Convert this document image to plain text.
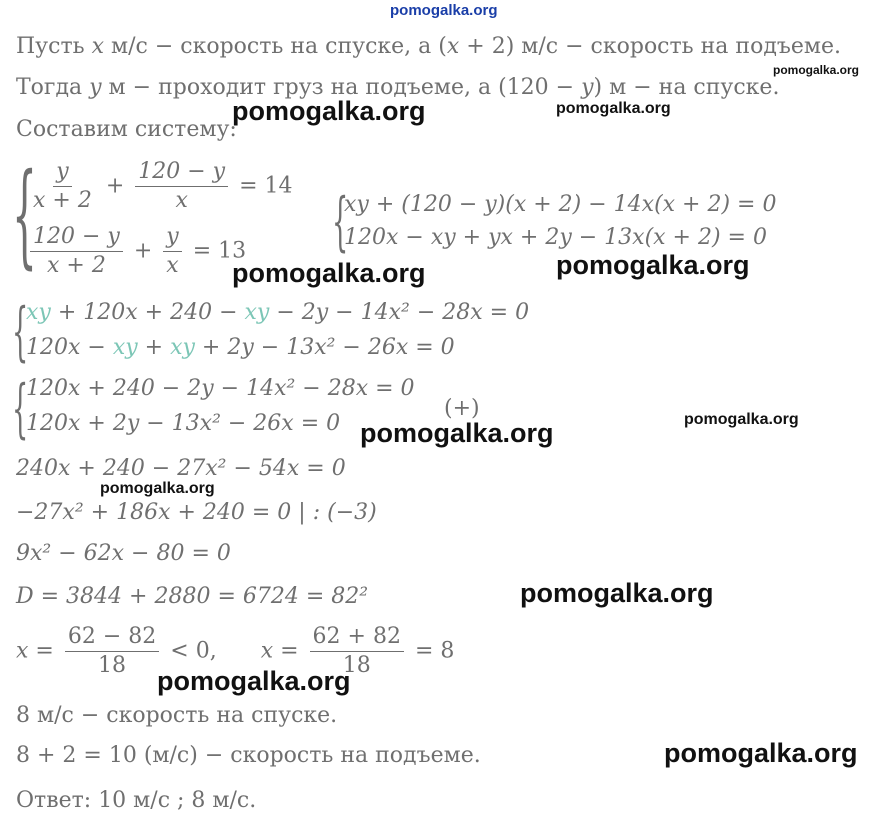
pomogalka.org
Пусть x м/с − скорость на спуске, а (x + 2) м/с − скорость на подъеме.
Тогда y м − проходит груз на подъеме, а (120 − y) м − на спуске.
Составим систему:
{
$\frac{y}{x + 2} + \frac{120 - y}{x} = 14$
$\frac{120 - y}{x + 2} + \frac{y}{x} = 13$ {
xy + (120 − y)(x + 2) − 14x(x + 2) = 0
120x − xy + yx + 2y − 13x(x + 2) = 0
{
xy + 120x + 240 − xy − 2y − 14x² − 28x = 0
120x − xy + xy + 2y − 13x² − 26x = 0
{
120x + 240 − 2y − 14x² − 28x = 0
120x + 2y − 13x² − 26x = 0
(+)
240x + 240 − 27x² − 54x = 0
−27x² + 186x + 240 = 0 | : (−3)
9x² − 62x − 80 = 0
D = 3844 + 2880 = 6724 = 82²
$x = \frac{62 - 82}{18} < 0$, $x = \frac{62 + 82}{18} = 8$
8 м/с − скорость на спуске.
8 + 2 = 10 (м/с) − скорость на подъеме.
Ответ: 10 м/с ; 8 м/с.
pomogalka.org
pomogalka.org
pomogalka.org
pomogalka.org	pomogalka.org
pomogalka.org
pomogalka.org
pomogalka.org
pomogalka.org
pomogalka.org
pomogalka.org
